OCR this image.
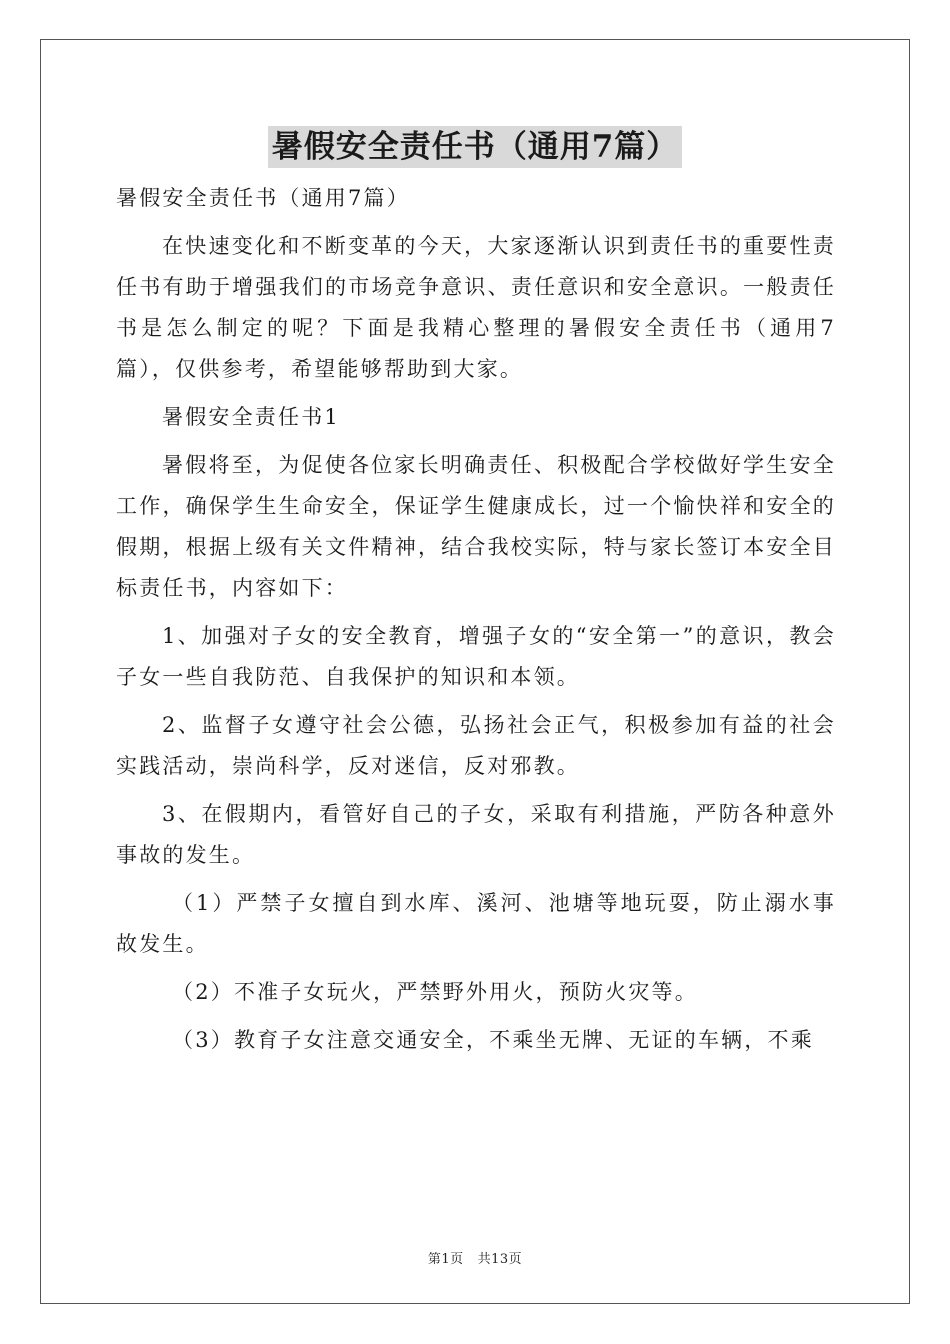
暑假安全责任书（通用7篇）

暑假安全责任书（通用7篇）

在快速变化和不断变革的今天，大家逐渐认识到责任书的重要性责任书有助于增强我们的市场竞争意识、责任意识和安全意识。一般责任书是怎么制定的呢？下面是我精心整理的暑假安全责任书（通用7篇），仅供参考，希望能够帮助到大家。

暑假安全责任书1

暑假将至，为促使各位家长明确责任、积极配合学校做好学生安全工作，确保学生生命安全，保证学生健康成长，过一个愉快祥和安全的假期，根据上级有关文件精神，结合我校实际，特与家长签订本安全目标责任书，内容如下：

1、加强对子女的安全教育，增强子女的“安全第一”的意识，教会子女一些自我防范、自我保护的知识和本领。

2、监督子女遵守社会公德，弘扬社会正气，积极参加有益的社会实践活动，崇尚科学，反对迷信，反对邪教。

3、在假期内，看管好自己的子女，采取有利措施，严防各种意外事故的发生。

（1）严禁子女擅自到水库、溪河、池塘等地玩耍，防止溺水事故发生。

（2）不准子女玩火，严禁野外用火，预防火灾等。

（3）教育子女注意交通安全，不乘坐无牌、无证的车辆，不乘

第1页 共13页
